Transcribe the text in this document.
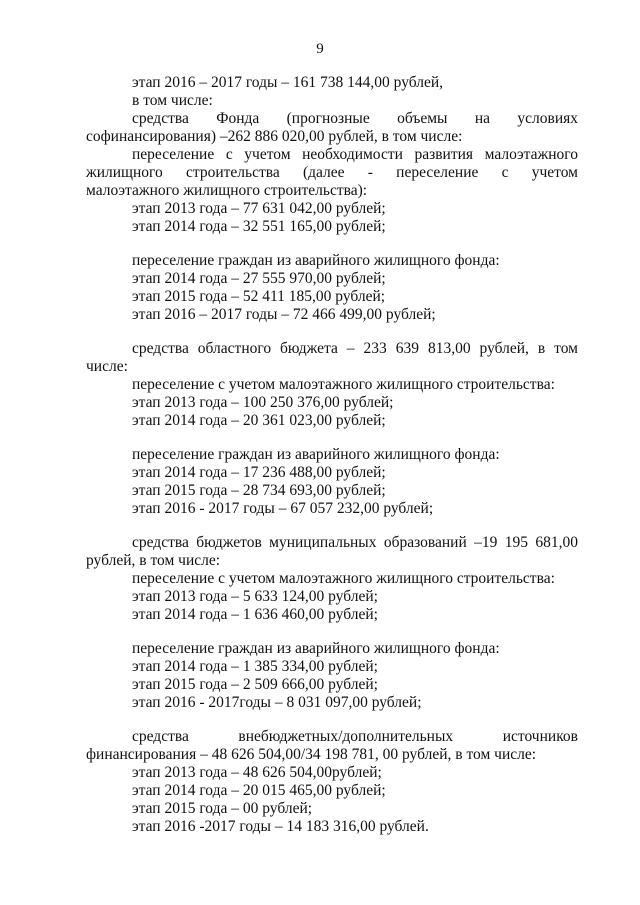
9
этап 2016 – 2017 годы – 161 738 144,00 рублей,
в том числе:
средства Фонда (прогнозные объемы на условиях
софинансирования) –262 886 020,00 рублей, в том числе:
переселение с учетом необходимости развития малоэтажного
жилищного строительства (далее - переселение с учетом
малоэтажного жилищного строительства):
этап 2013 года – 77 631 042,00 рублей;
этап 2014 года – 32 551 165,00 рублей;
переселение граждан из аварийного жилищного фонда:
этап 2014 года – 27 555 970,00 рублей;
этап 2015 года – 52 411 185,00 рублей;
этап 2016 – 2017 годы – 72 466 499,00 рублей;
средства областного бюджета – 233 639 813,00 рублей, в том
числе:
переселение с учетом малоэтажного жилищного строительства:
этап 2013 года – 100 250 376,00 рублей;
этап 2014 года – 20 361 023,00 рублей;
переселение граждан из аварийного жилищного фонда:
этап 2014 года – 17 236 488,00 рублей;
этап 2015 года – 28 734 693,00 рублей;
этап 2016 - 2017 годы – 67 057 232,00 рублей;
средства бюджетов муниципальных образований –19 195 681,00
рублей, в том числе:
переселение с учетом малоэтажного жилищного строительства:
этап 2013 года – 5 633 124,00 рублей;
этап 2014 года – 1 636 460,00 рублей;
переселение граждан из аварийного жилищного фонда:
этап 2014 года – 1 385 334,00 рублей;
этап 2015 года – 2 509 666,00 рублей;
этап 2016 - 2017годы – 8 031 097,00 рублей;
средства внебюджетных/дополнительных источников
финансирования – 48 626 504,00/34 198 781, 00 рублей, в том числе:
этап 2013 года – 48 626 504,00рублей;
этап 2014 года – 20 015 465,00 рублей;
этап 2015 года – 00 рублей;
этап 2016 -2017 годы – 14 183 316,00 рублей.
